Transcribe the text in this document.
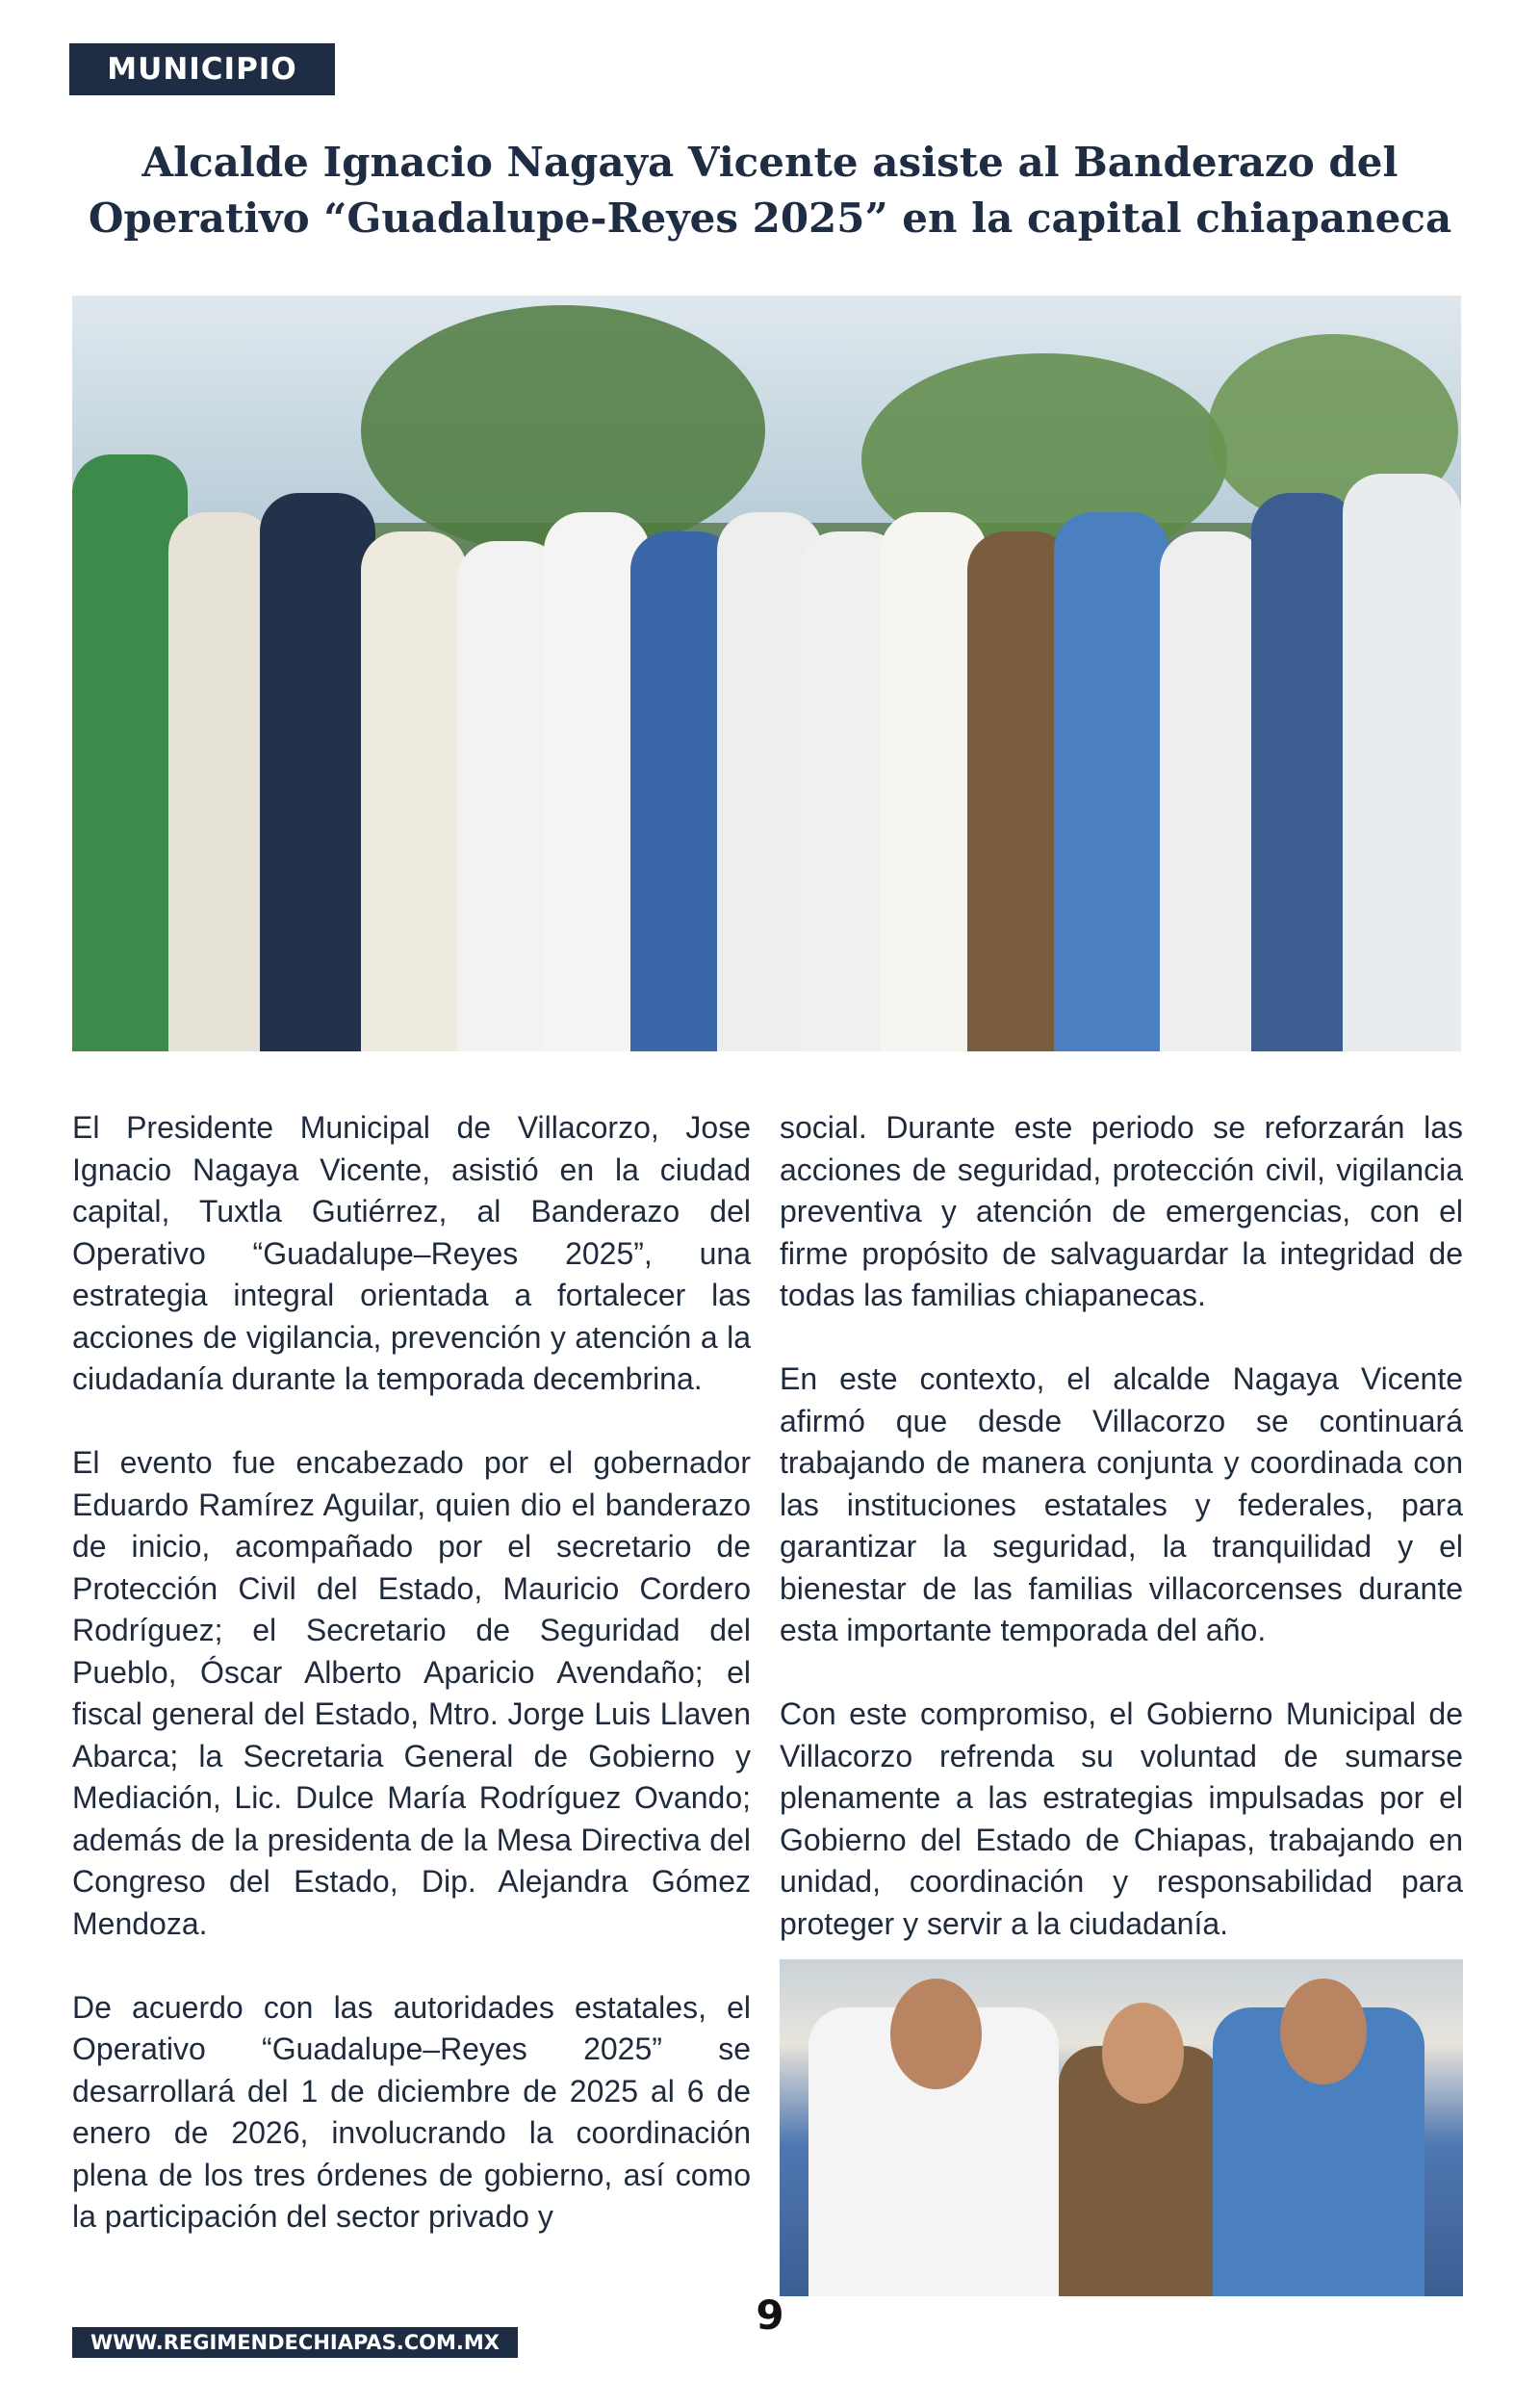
MUNICIPIO
Alcalde Ignacio Nagaya Vicente asiste al Banderazo del Operativo “Guadalupe-Reyes 2025” en la capital chiapaneca

El Presidente Municipal de Villacorzo, Jose Ignacio Nagaya Vicente, asistió en la ciudad capital, Tuxtla Gutiérrez, al Banderazo del Operativo “Guadalupe–Reyes 2025”, una estrategia integral orientada a fortalecer las acciones de vigilancia, prevención y atención a la ciudadanía durante la temporada decembrina.

El evento fue encabezado por el gobernador Eduardo Ramírez Aguilar, quien dio el banderazo de inicio, acompañado por el secretario de Protección Civil del Estado, Mauricio Cordero Rodríguez; el Secretario de Seguridad del Pueblo, Óscar Alberto Aparicio Avendaño; el fiscal general del Estado, Mtro. Jorge Luis Llaven Abarca; la Secretaria General de Gobierno y Mediación, Lic. Dulce María Rodríguez Ovando; además de la presidenta de la Mesa Directiva del Congreso del Estado, Dip. Alejandra Gómez Mendoza.

De acuerdo con las autoridades estatales, el Operativo “Guadalupe–Reyes 2025” se desarrollará del 1 de diciembre de 2025 al 6 de enero de 2026, involucrando la coordinación plena de los tres órdenes de gobierno, así como la participación del sector privado y

social. Durante este periodo se reforzarán las acciones de seguridad, protección civil, vigilancia preventiva y atención de emergencias, con el firme propósito de salvaguardar la integridad de todas las familias chiapanecas.

En este contexto, el alcalde Nagaya Vicente afirmó que desde Villacorzo se continuará trabajando de manera conjunta y coordinada con las instituciones estatales y federales, para garantizar la seguridad, la tranquilidad y el bienestar de las familias villacorcenses durante esta importante temporada del año.

Con este compromiso, el Gobierno Municipal de Villacorzo refrenda su voluntad de sumarse plenamente a las estrategias impulsadas por el Gobierno del Estado de Chiapas, trabajando en unidad, coordinación y responsabilidad para proteger y servir a la ciudadanía.

9
WWW.REGIMENDECHIAPAS.COM.MX
